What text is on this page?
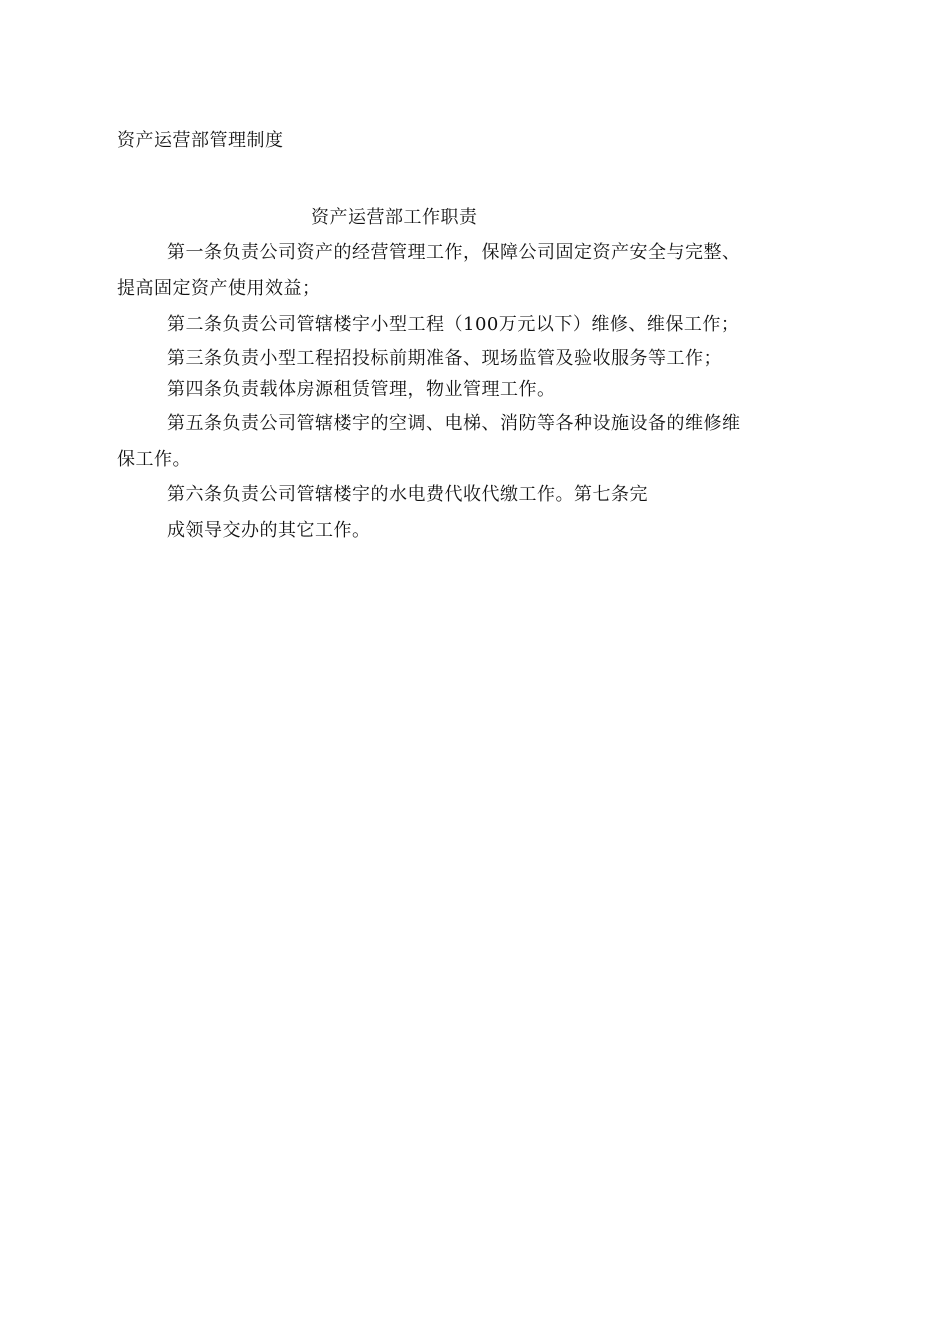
资产运营部管理制度
资产运营部工作职责
第一条负责公司资产的经营管理工作，保障公司固定资产安全与完整、
提高固定资产使用效益；
第二条负责公司管辖楼宇小型工程（100万元以下）维修、维保工作；
第三条负责小型工程招投标前期准备、现场监管及验收服务等工作；
第四条负责载体房源租赁管理，物业管理工作。
第五条负责公司管辖楼宇的空调、电梯、消防等各种设施设备的维修维
保工作。
第六条负责公司管辖楼宇的水电费代收代缴工作。第七条完
成领导交办的其它工作。
